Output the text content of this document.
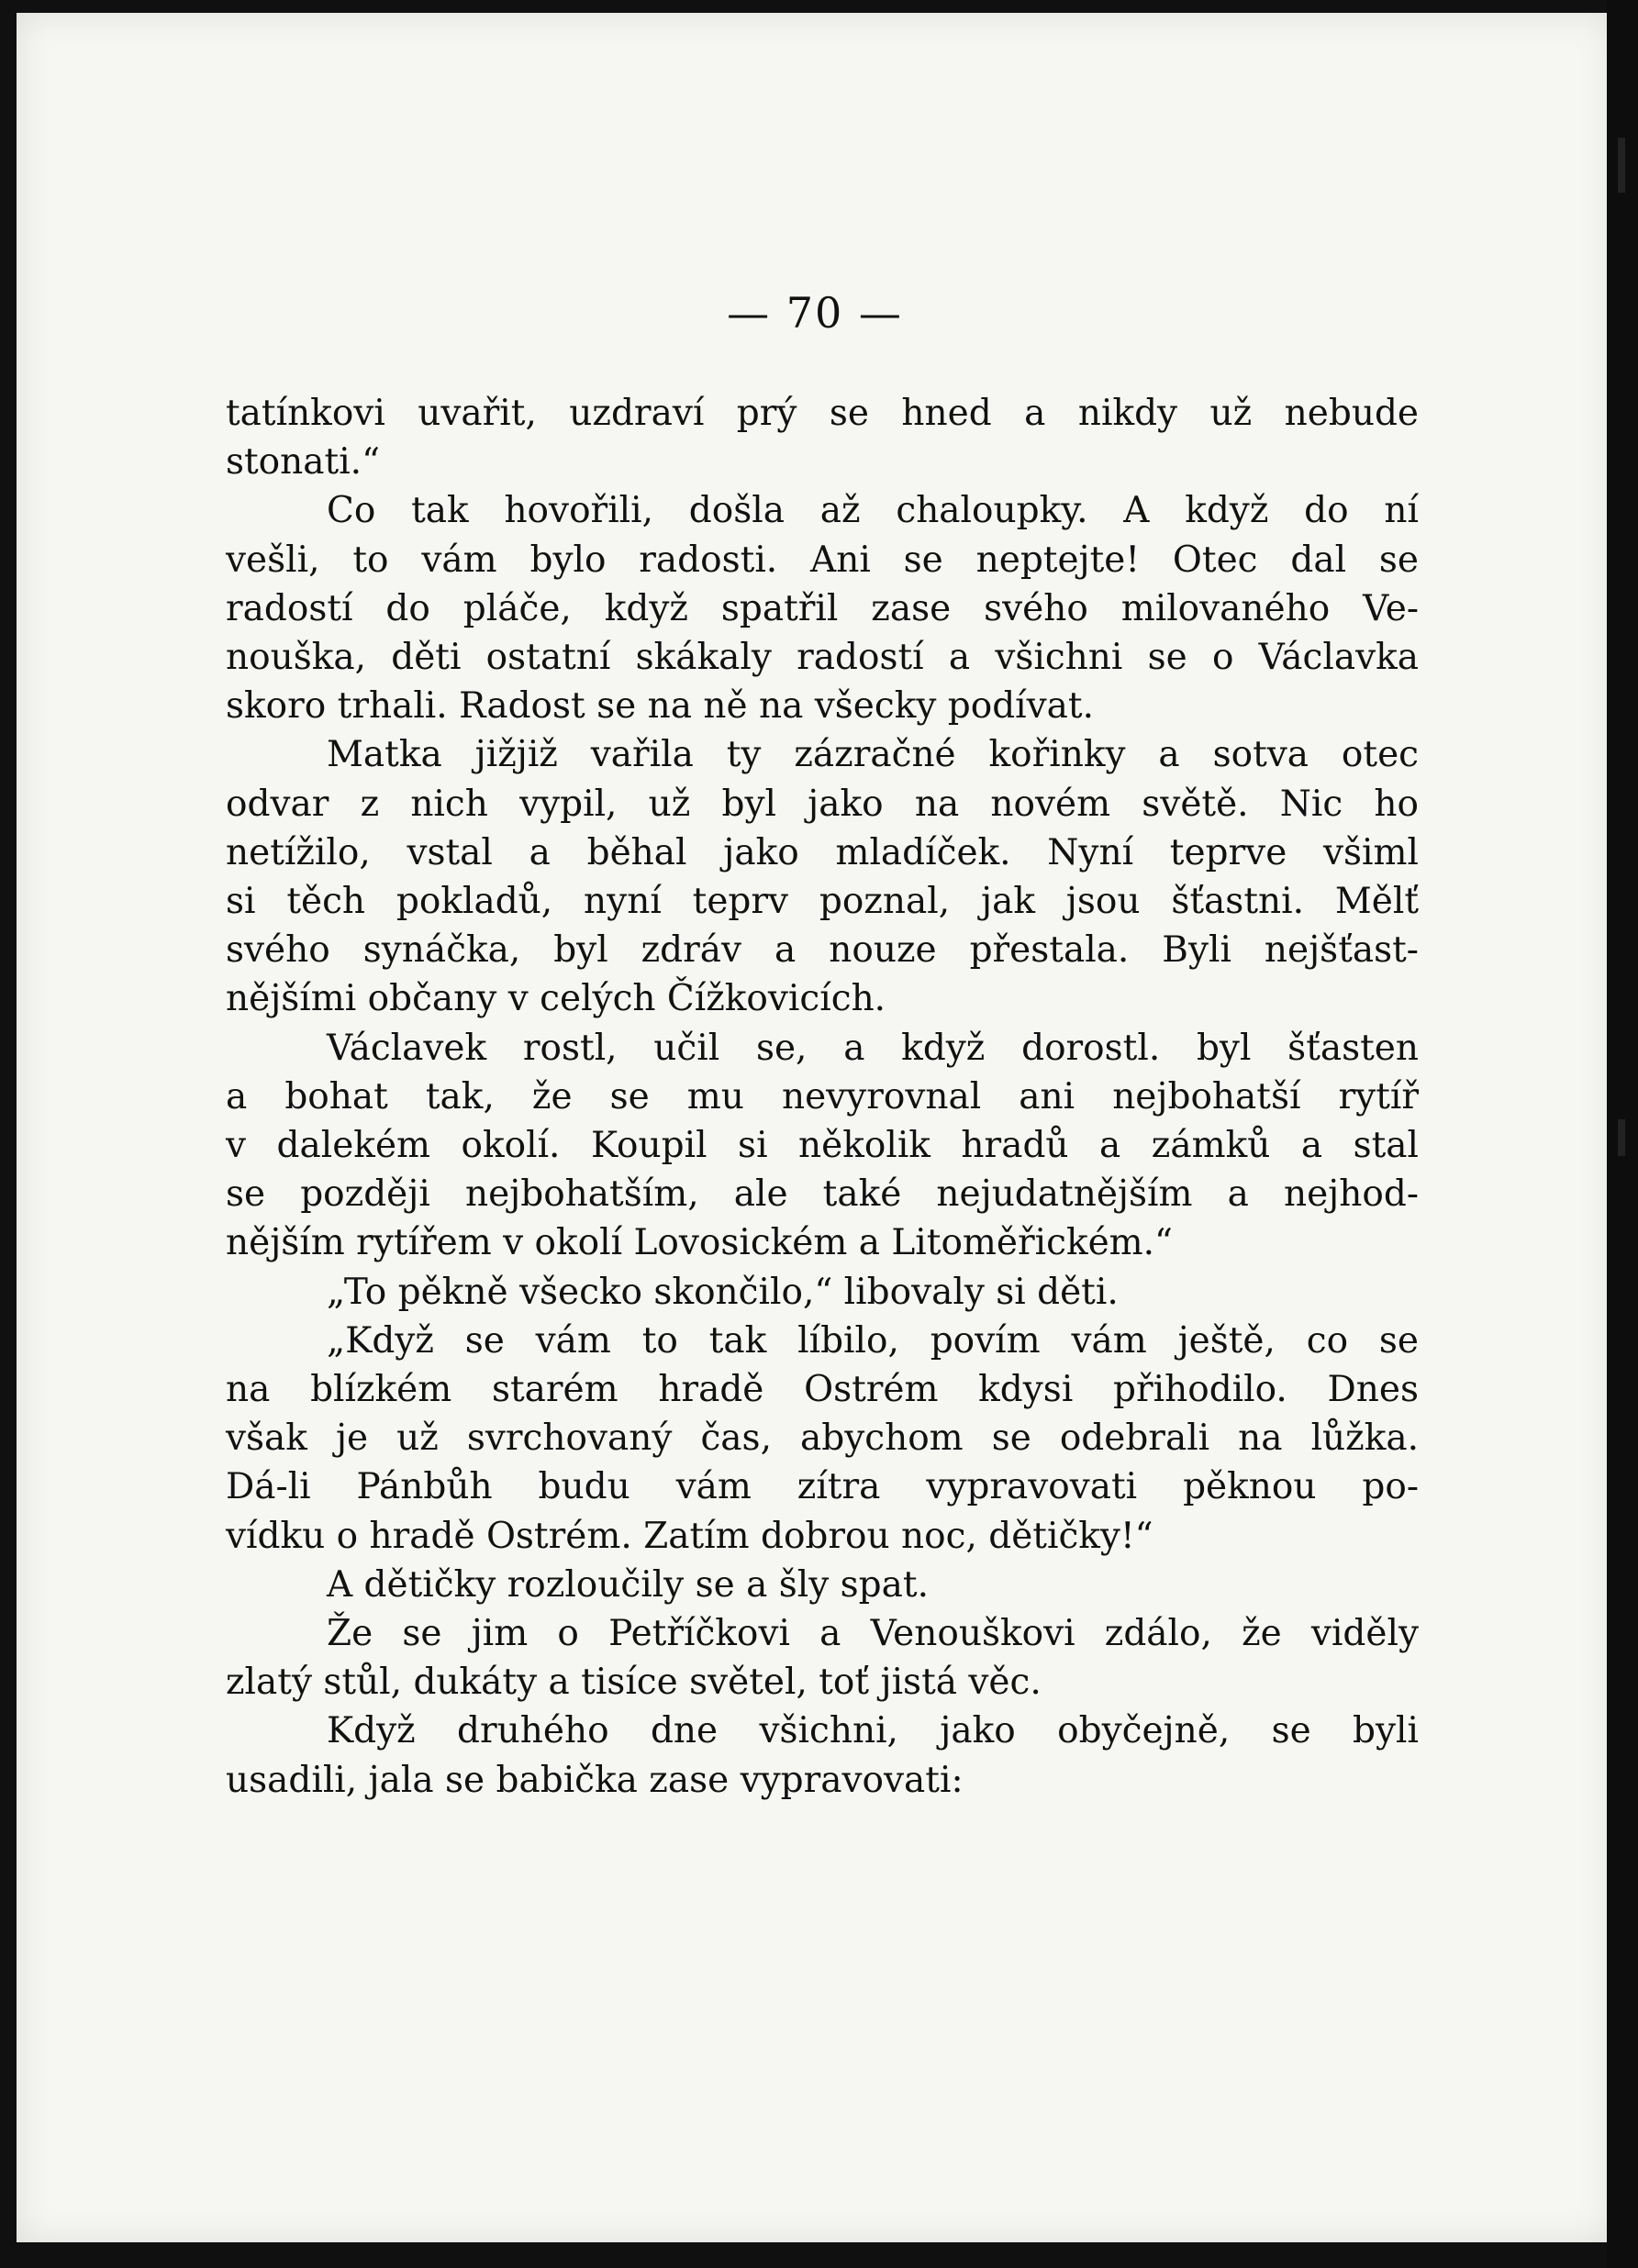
— 70 —
tatínkovi uvařit, uzdraví prý se hned a nikdy už nebude
stonati.“
Co tak hovořili, došla až chaloupky. A když do ní
vešli, to vám bylo radosti. Ani se neptejte! Otec dal se
radostí do pláče, když spatřil zase svého milovaného Ve-
nouška, děti ostatní skákaly radostí a všichni se o Václavka
skoro trhali. Radost se na ně na všecky podívat.
Matka jižjiž vařila ty zázračné kořinky a sotva otec
odvar z nich vypil, už byl jako na novém světě. Nic ho
netížilo, vstal a běhal jako mladíček. Nyní teprve všiml
si těch pokladů, nyní teprv poznal, jak jsou šťastni. Mělť
svého synáčka, byl zdráv a nouze přestala. Byli nejšťast-
nějšími občany v celých Čížkovicích.
Václavek rostl, učil se, a když dorostl. byl šťasten
a bohat tak, že se mu nevyrovnal ani nejbohatší rytíř
v dalekém okolí. Koupil si několik hradů a zámků a stal
se později nejbohatším, ale také nejudatnějším a nejhod-
nějším rytířem v okolí Lovosickém a Litoměřickém.“
„To pěkně všecko skončilo,“ libovaly si děti.
„Když se vám to tak líbilo, povím vám ještě, co se
na blízkém starém hradě Ostrém kdysi přihodilo. Dnes
však je už svrchovaný čas, abychom se odebrali na lůžka.
Dá-li Pánbůh budu vám zítra vypravovati pěknou po-
vídku o hradě Ostrém. Zatím dobrou noc, dětičky!“
A dětičky rozloučily se a šly spat.
Že se jim o Petříčkovi a Venouškovi zdálo, že viděly
zlatý stůl, dukáty a tisíce světel, toť jistá věc.
Když druhého dne všichni, jako obyčejně, se byli
usadili, jala se babička zase vypravovati:
